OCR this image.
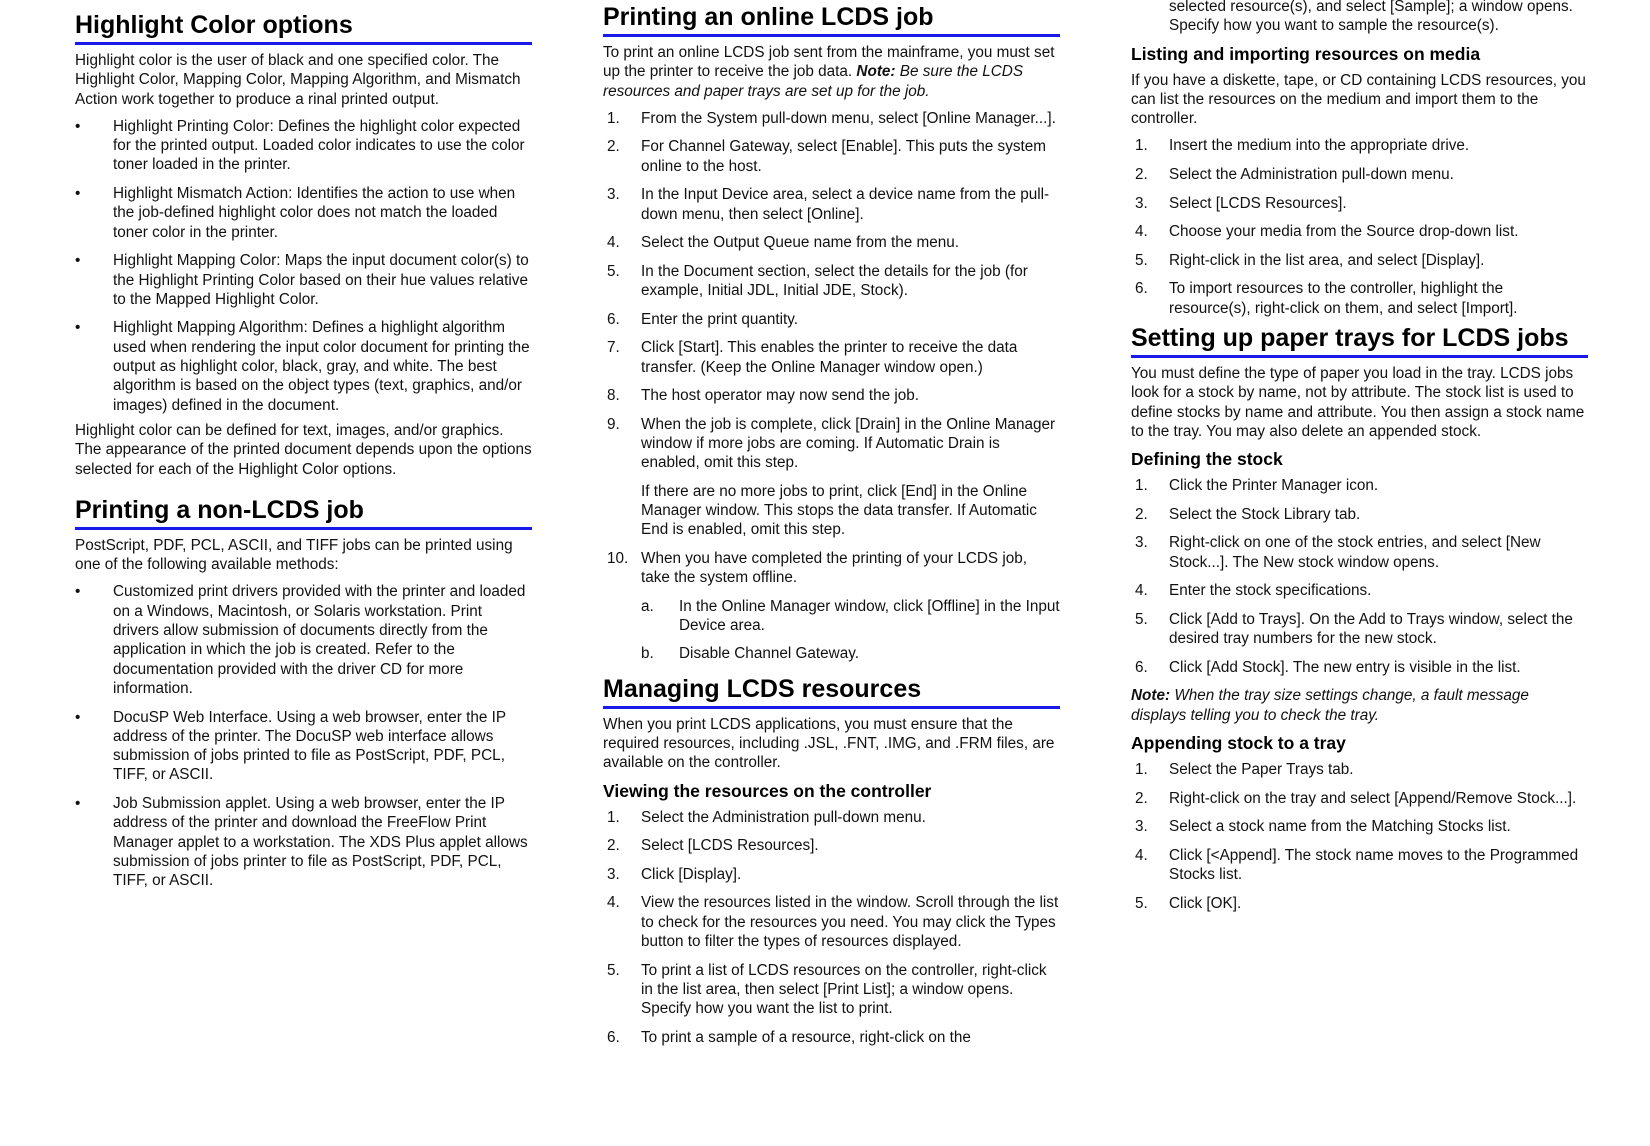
Highlight Color options

Highlight color is the user of black and one specified color. The Highlight Color, Mapping Color, Mapping Algorithm, and Mismatch Action work together to produce a rinal printed output.

• Highlight Printing Color: Defines the highlight color expected for the printed output. Loaded color indicates to use the color toner loaded in the printer.
• Highlight Mismatch Action: Identifies the action to use when the job-defined highlight color does not match the loaded toner color in the printer.
• Highlight Mapping Color: Maps the input document color(s) to the Highlight Printing Color based on their hue values relative to the Mapped Highlight Color.
• Highlight Mapping Algorithm: Defines a highlight algorithm used when rendering the input color document for printing the output as highlight color, black, gray, and white. The best algorithm is based on the object types (text, graphics, and/or images) defined in the document.

Highlight color can be defined for text, images, and/or graphics. The appearance of the printed document depends upon the options selected for each of the Highlight Color options.

Printing a non-LCDS job

PostScript, PDF, PCL, ASCII, and TIFF jobs can be printed using one of the following available methods:

• Customized print drivers provided with the printer and loaded on a Windows, Macintosh, or Solaris workstation. Print drivers allow submission of documents directly from the application in which the job is created. Refer to the documentation provided with the driver CD for more information.
• DocuSP Web Interface. Using a web browser, enter the IP address of the printer. The DocuSP web interface allows submission of jobs printed to file as PostScript, PDF, PCL, TIFF, or ASCII.
• Job Submission applet. Using a web browser, enter the IP address of the printer and download the FreeFlow Print Manager applet to a workstation. The XDS Plus applet allows submission of jobs printer to file as PostScript, PDF, PCL, TIFF, or ASCII.
Printing an online LCDS job

To print an online LCDS job sent from the mainframe, you must set up the printer to receive the job data. Note: Be sure the LCDS resources and paper trays are set up for the job.

1. From the System pull-down menu, select [Online Manager...].
2. For Channel Gateway, select [Enable]. This puts the system online to the host.
3. In the Input Device area, select a device name from the pull-down menu, then select [Online].
4. Select the Output Queue name from the menu.
5. In the Document section, select the details for the job (for example, Initial JDL, Initial JDE, Stock).
6. Enter the print quantity.
7. Click [Start]. This enables the printer to receive the data transfer. (Keep the Online Manager window open.)
8. The host operator may now send the job.
9. When the job is complete, click [Drain] in the Online Manager window if more jobs are coming. If Automatic Drain is enabled, omit this step.
If there are no more jobs to print, click [End] in the Online Manager window. This stops the data transfer. If Automatic End is enabled, omit this step.
10. When you have completed the printing of your LCDS job, take the system offline.
a. In the Online Manager window, click [Offline] in the Input Device area.
b. Disable Channel Gateway.
Managing LCDS resources

When you print LCDS applications, you must ensure that the required resources, including .JSL, .FNT, .IMG, and .FRM files, are available on the controller.

Viewing the resources on the controller
1. Select the Administration pull-down menu.
2. Select [LCDS Resources].
3. Click [Display].
4. View the resources listed in the window. Scroll through the list to check for the resources you need. You may click the Types button to filter the types of resources displayed.
5. To print a list of LCDS resources on the controller, right-click in the list area, then select [Print List]; a window opens. Specify how you want the list to print.
6. To print a sample of a resource, right-click on the

selected resource(s), and select [Sample]; a window opens. Specify how you want to sample the resource(s).

Listing and importing resources on media

If you have a diskette, tape, or CD containing LCDS resources, you can list the resources on the medium and import them to the controller.

1. Insert the medium into the appropriate drive.
2. Select the Administration pull-down menu.
3. Select [LCDS Resources].
4. Choose your media from the Source drop-down list.
5. Right-click in the list area, and select [Display].
6. To import resources to the controller, highlight the resource(s), right-click on them, and select [Import].
Setting up paper trays for LCDS jobs

You must define the type of paper you load in the tray. LCDS jobs look for a stock by name, not by attribute. The stock list is used to define stocks by name and attribute. You then assign a stock name to the tray. You may also delete an appended stock.

Defining the stock
1. Click the Printer Manager icon.
2. Select the Stock Library tab.
3. Right-click on one of the stock entries, and select [New Stock...]. The New stock window opens.
4. Enter the stock specifications.
5. Click [Add to Trays]. On the Add to Trays window, select the desired tray numbers for the new stock.
6. Click [Add Stock]. The new entry is visible in the list.

Note: When the tray size settings change, a fault message displays telling you to check the tray.

Appending stock to a tray
1. Select the Paper Trays tab.
2. Right-click on the tray and select [Append/Remove Stock...].
3. Select a stock name from the Matching Stocks list.
4. Click [<Append]. The stock name moves to the Programmed Stocks list.
5. Click [OK].
